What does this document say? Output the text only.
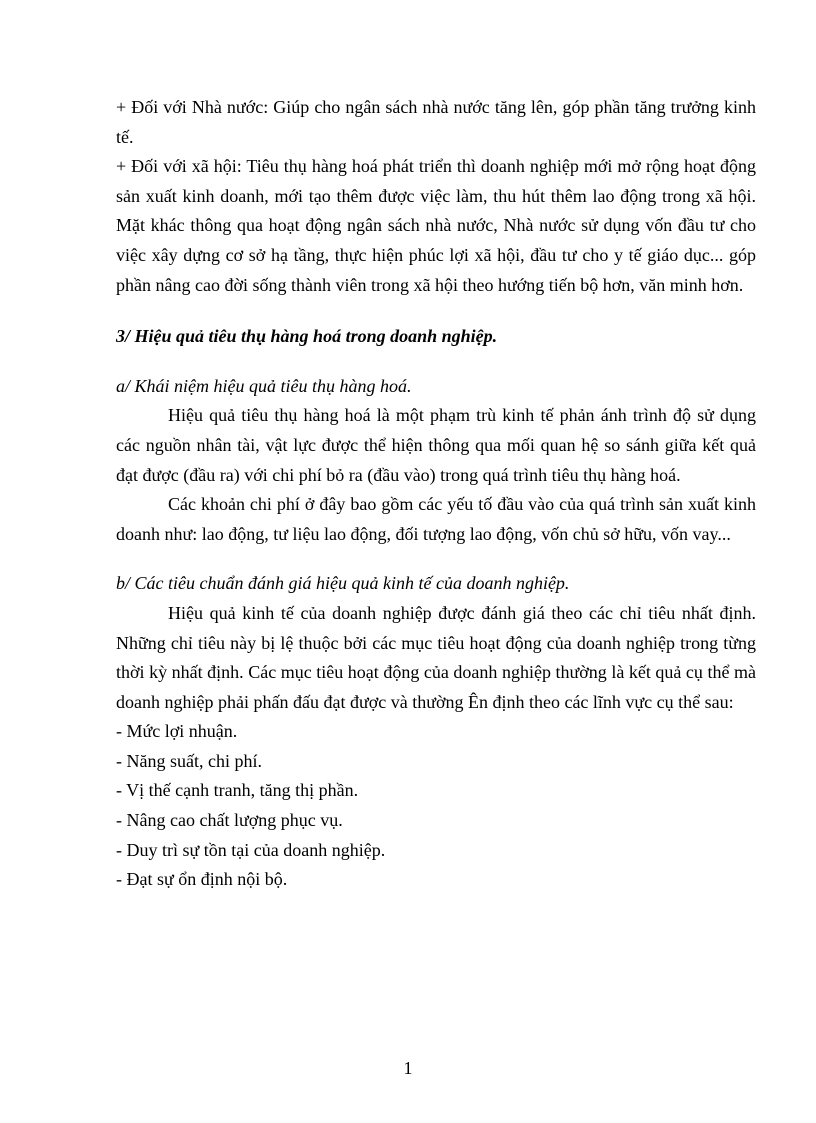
+ Đối với Nhà nước: Giúp cho ngân sách nhà nước tăng lên, góp phần tăng trưởng kinh tế.

+ Đối với xã hội: Tiêu thụ hàng hoá phát triển thì doanh nghiệp mới mở rộng hoạt động sản xuất kinh doanh, mới tạo thêm được việc làm, thu hút thêm lao động trong xã hội. Mặt khác thông qua hoạt động ngân sách nhà nước, Nhà nước sử dụng vốn đầu tư cho việc xây dựng cơ sở hạ tầng, thực hiện phúc lợi xã hội, đầu tư cho y tế giáo dục... góp phần nâng cao đời sống thành viên trong xã hội theo hướng tiến bộ hơn, văn minh hơn.

3/ Hiệu quả tiêu thụ hàng hoá trong doanh nghiệp.

a/ Khái niệm hiệu quả tiêu thụ hàng hoá.

Hiệu quả tiêu thụ hàng hoá là một phạm trù kinh tế phản ánh trình độ sử dụng các nguồn nhân tài, vật lực được thể hiện thông qua mối quan hệ so sánh giữa kết quả đạt được (đầu ra) với chi phí bỏ ra (đầu vào) trong quá trình tiêu thụ hàng hoá.

Các khoản chi phí ở đây bao gồm các yếu tố đầu vào của quá trình sản xuất kinh doanh như: lao động, tư liệu lao động, đối tượng lao động, vốn chủ sở hữu, vốn vay...

b/ Các tiêu chuẩn đánh giá hiệu quả kinh tế của doanh nghiệp.

Hiệu quả kinh tế của doanh nghiệp được đánh giá theo các chỉ tiêu nhất định. Những chỉ tiêu này bị lệ thuộc bởi các mục tiêu hoạt động của doanh nghiệp trong từng thời kỳ nhất định. Các mục tiêu hoạt động của doanh nghiệp thường là kết quả cụ thể mà doanh nghiệp phải phấn đấu đạt được và thường Ên định theo các lĩnh vực cụ thể sau:

- Mức lợi nhuận.

- Năng suất, chi phí.

- Vị thế cạnh tranh, tăng thị phần.

- Nâng cao chất lượng phục vụ.

- Duy trì sự tồn tại của doanh nghiệp.

- Đạt sự ổn định nội bộ.

1
